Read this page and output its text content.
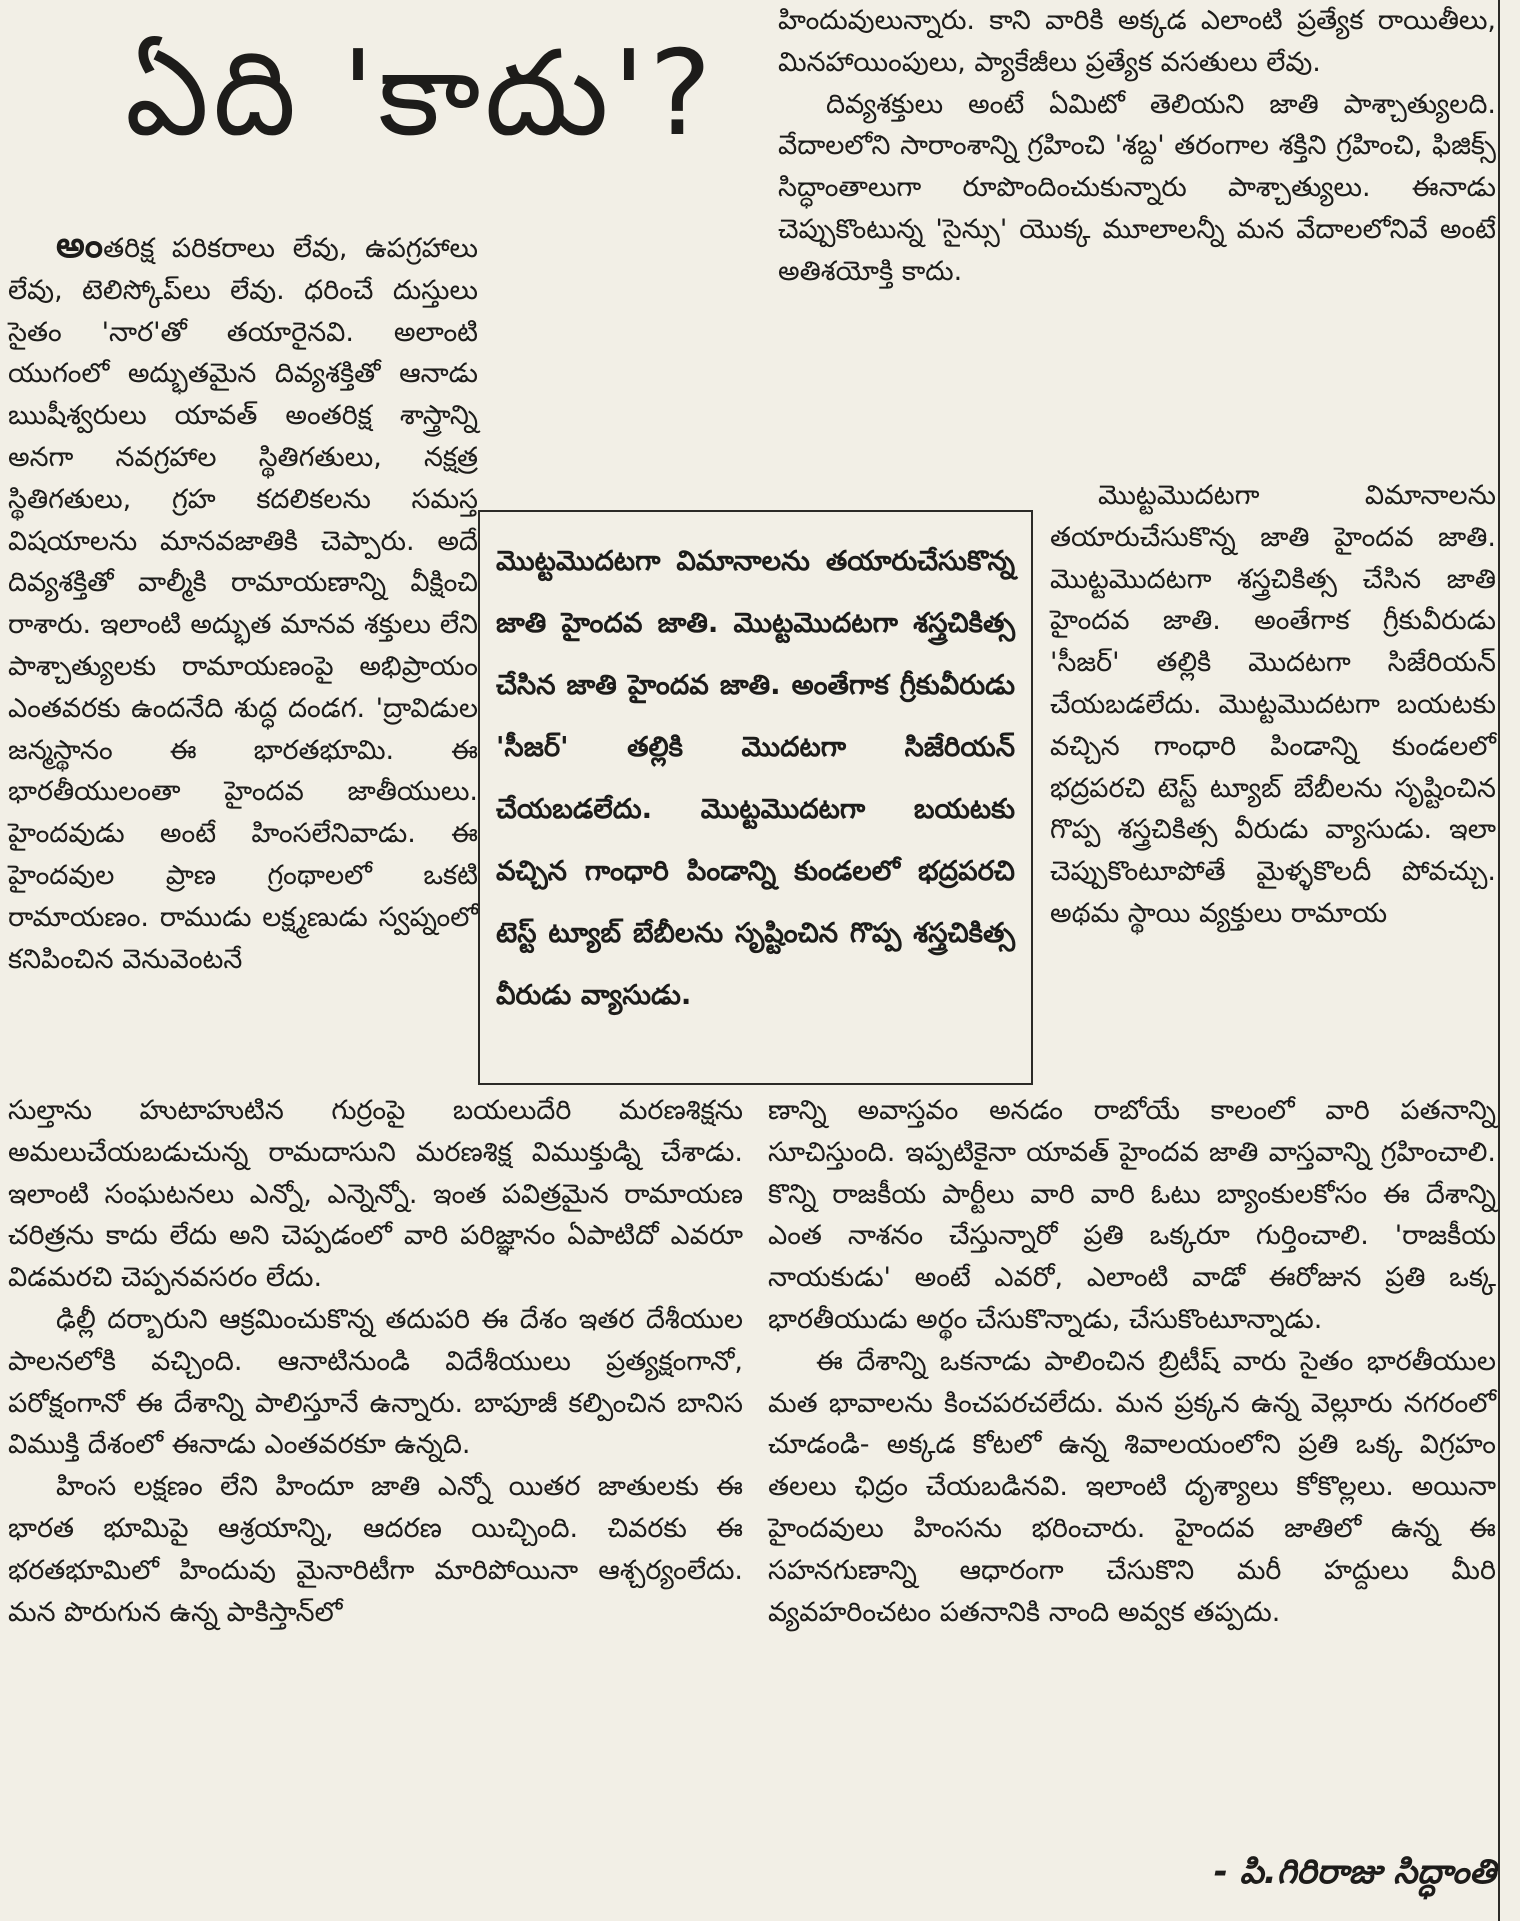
ఏది 'కాదు'?

అంతరిక్ష పరికరాలు లేవు, ఉపగ్రహాలు లేవు, టెలిస్కోప్‌లు లేవు. ధరించే దుస్తులు సైతం 'నార'తో తయారైనవి. అలాంటి యుగంలో అద్భుతమైన దివ్యశక్తితో ఆనాడు ఋషీశ్వరులు యావత్ అంతరిక్ష శాస్త్రాన్ని అనగా నవగ్రహాల స్థితిగతులు, నక్షత్ర స్థితిగతులు, గ్రహ కదలికలను సమస్త విషయాలను మానవజాతికి చెప్పారు. అదే దివ్యశక్తితో వాల్మీకి రామాయణాన్ని వీక్షించి రాశారు. ఇలాంటి అద్భుత మానవ శక్తులు లేని పాశ్చాత్యులకు రామాయణంపై అభిప్రాయం ఎంతవరకు ఉందనేది శుద్ధ దండగ. 'ద్రావిడుల జన్మస్థానం ఈ భారతభూమి. ఈ భారతీయులంతా హైందవ జాతీయులు. హైందవుడు అంటే హింసలేనివాడు. ఈ హైందవుల ప్రాణ గ్రంథాలలో ఒకటి రామాయణం. రాముడు లక్ష్మణుడు స్వప్నంలో కనిపించిన వెనువెంటనే

మొట్టమొదటగా విమానాలను తయారుచేసుకొన్న జాతి హైందవ జాతి. మొట్టమొదటగా శస్త్రచికిత్స చేసిన జాతి హైందవ జాతి. అంతేగాక గ్రీకువీరుడు 'సీజర్' తల్లికి మొదటగా సిజేరియన్ చేయబడలేదు. మొట్టమొదటగా బయటకు వచ్చిన గాంధారి పిండాన్ని కుండలలో భద్రపరచి టెస్ట్ ట్యూబ్ బేబీలను సృష్టించిన గొప్ప శస్త్రచికిత్స వీరుడు వ్యాసుడు.

సుల్తాను హుటాహుటిన గుర్రంపై బయలుదేరి మరణశిక్షను అమలుచేయబడుచున్న రామదాసుని మరణశిక్ష విముక్తుడ్ని చేశాడు. ఇలాంటి సంఘటనలు ఎన్నో, ఎన్నెన్నో. ఇంత పవిత్రమైన రామాయణ చరిత్రను కాదు లేదు అని చెప్పడంలో వారి పరిజ్ఞానం ఏపాటిదో ఎవరూ విడమరచి చెప్పనవసరం లేదు.

ఢిల్లీ దర్బారుని ఆక్రమించుకొన్న తదుపరి ఈ దేశం ఇతర దేశీయుల పాలనలోకి వచ్చింది. ఆనాటినుండి విదేశీయులు ప్రత్యక్షంగానో, పరోక్షంగానో ఈ దేశాన్ని పాలిస్తూనే ఉన్నారు. బాపూజీ కల్పించిన బానిస విముక్తి దేశంలో ఈనాడు ఎంతవరకూ ఉన్నది.

హింస లక్షణం లేని హిందూ జాతి ఎన్నో యితర జాతులకు ఈ భారత భూమిపై ఆశ్రయాన్ని, ఆదరణ యిచ్చింది. చివరకు ఈ భరతభూమిలో హిందువు మైనారిటీగా మారిపోయినా ఆశ్చర్యంలేదు. మన పొరుగున ఉన్న పాకిస్తాన్‌లో

హిందువులున్నారు. కాని వారికి అక్కడ ఎలాంటి ప్రత్యేక రాయితీలు, మినహాయింపులు, ప్యాకేజీలు ప్రత్యేక వసతులు లేవు.

దివ్యశక్తులు అంటే ఏమిటో తెలియని జాతి పాశ్చాత్యులది. వేదాలలోని సారాంశాన్ని గ్రహించి 'శబ్ద' తరంగాల శక్తిని గ్రహించి, ఫిజిక్స్ సిద్ధాంతాలుగా రూపొందించుకున్నారు పాశ్చాత్యులు. ఈనాడు చెప్పుకొంటున్న 'సైన్సు' యొక్క మూలాలన్నీ మన వేదాలలోనివే అంటే అతిశయోక్తి కాదు.

మొట్టమొదటగా విమానాలను తయారుచేసుకొన్న జాతి హైందవ జాతి. మొట్టమొదటగా శస్త్రచికిత్స చేసిన జాతి హైందవ జాతి. అంతేగాక గ్రీకువీరుడు 'సీజర్' తల్లికి మొదటగా సిజేరియన్ చేయబడలేదు. మొట్టమొదటగా బయటకు వచ్చిన గాంధారి పిండాన్ని కుండలలో భద్రపరచి టెస్ట్ ట్యూబ్ బేబీలను సృష్టించిన గొప్ప శస్త్రచికిత్స వీరుడు వ్యాసుడు. ఇలా చెప్పుకొంటూపోతే మైళ్ళకొలదీ పోవచ్చు. అథమ స్థాయి వ్యక్తులు రామాయ

ణాన్ని అవాస్తవం అనడం రాబోయే కాలంలో వారి పతనాన్ని సూచిస్తుంది. ఇప్పటికైనా యావత్ హైందవ జాతి వాస్తవాన్ని గ్రహించాలి. కొన్ని రాజకీయ పార్టీలు వారి వారి ఓటు బ్యాంకులకోసం ఈ దేశాన్ని ఎంత నాశనం చేస్తున్నారో ప్రతి ఒక్కరూ గుర్తించాలి. 'రాజకీయ నాయకుడు' అంటే ఎవరో, ఎలాంటి వాడో ఈరోజున ప్రతి ఒక్క భారతీయుడు అర్థం చేసుకొన్నాడు, చేసుకొంటూన్నాడు.

ఈ దేశాన్ని ఒకనాడు పాలించిన బ్రిటీష్ వారు సైతం భారతీయుల మత భావాలను కించపరచలేదు. మన ప్రక్కన ఉన్న వెల్లూరు నగరంలో చూడండి- అక్కడ కోటలో ఉన్న శివాలయంలోని ప్రతి ఒక్క విగ్రహం తలలు ఛిద్రం చేయబడినవి. ఇలాంటి దృశ్యాలు కోకొల్లలు. అయినా హైందవులు హింసను భరించారు. హైందవ జాతిలో ఉన్న ఈ సహనగుణాన్ని ఆధారంగా చేసుకొని మరీ హద్దులు మీరి వ్యవహరించటం పతనానికి నాంది అవ్వక తప్పదు.

- పి.గిరిరాజు సిద్ధాంతి
